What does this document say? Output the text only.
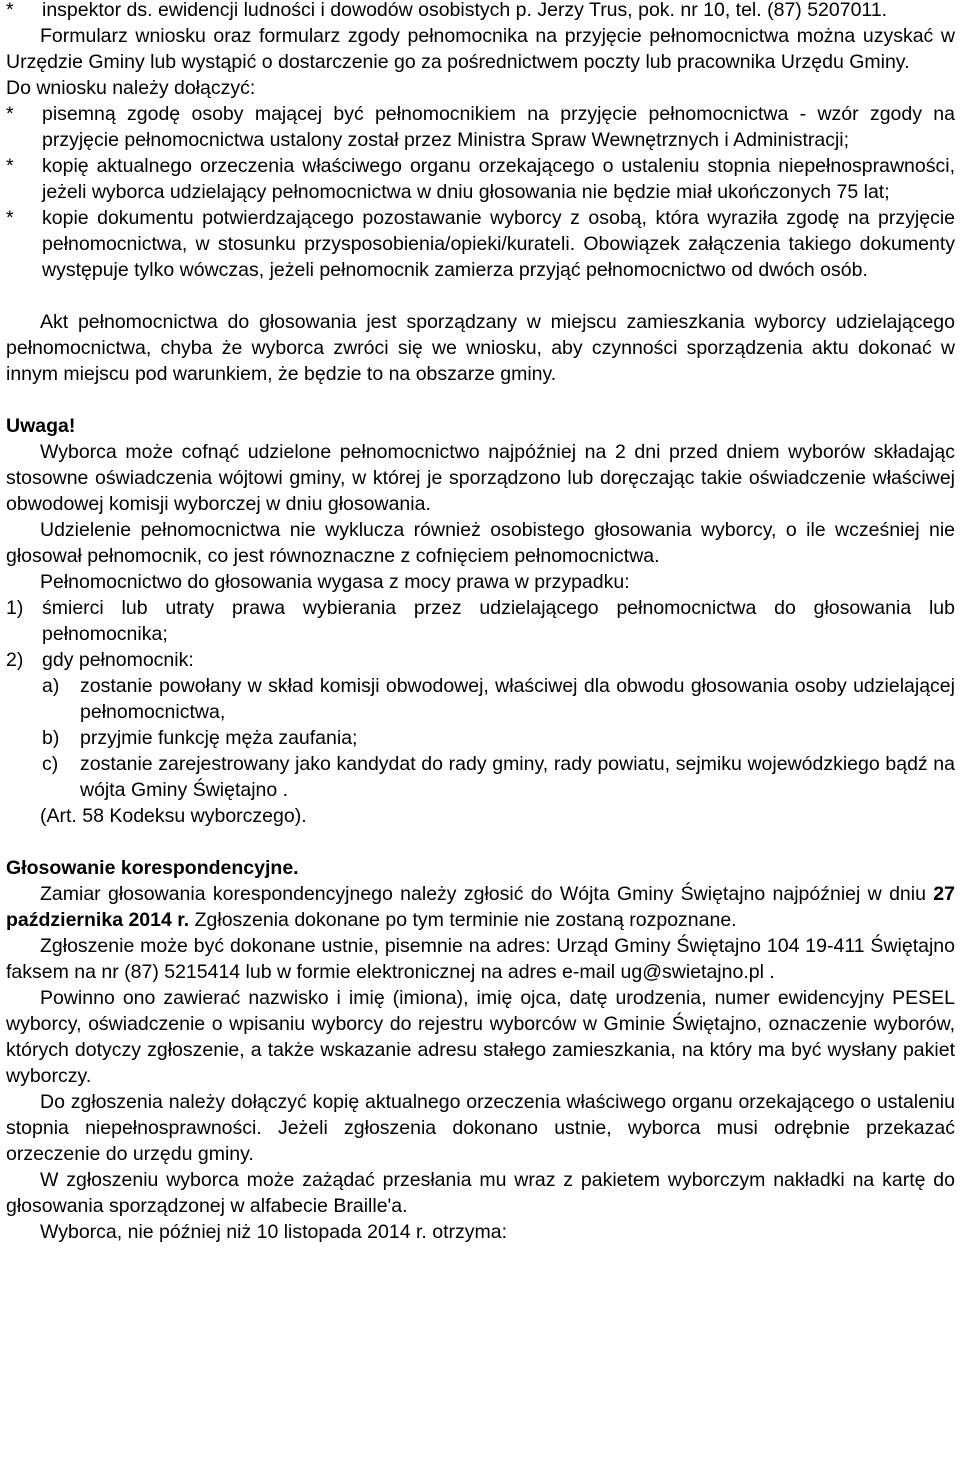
* inspektor ds. ewidencji ludności i dowodów osobistych p. Jerzy Trus, pok. nr 10, tel. (87) 5207011.

Formularz wniosku oraz formularz zgody pełnomocnika na przyjęcie pełnomocnictwa można uzyskać w Urzędzie Gminy lub wystąpić o dostarczenie go za pośrednictwem poczty lub pracownika Urzędu Gminy.

Do wniosku należy dołączyć:

* pisemną zgodę osoby mającej być pełnomocnikiem na przyjęcie pełnomocnictwa - wzór zgody na przyjęcie pełnomocnictwa ustalony został przez Ministra Spraw Wewnętrznych i Administracji;

* kopię aktualnego orzeczenia właściwego organu orzekającego o ustaleniu stopnia niepełnosprawności, jeżeli wyborca udzielający pełnomocnictwa w dniu głosowania nie będzie miał ukończonych 75 lat;

* kopie dokumentu potwierdzającego pozostawanie wyborcy z osobą, która wyraziła zgodę na przyjęcie pełnomocnictwa, w stosunku przysposobienia/opieki/kurateli. Obowiązek załączenia takiego dokumenty występuje tylko wówczas, jeżeli pełnomocnik zamierza przyjąć pełnomocnictwo od dwóch osób.

Akt pełnomocnictwa do głosowania jest sporządzany w miejscu zamieszkania wyborcy udzielającego pełnomocnictwa, chyba że wyborca zwróci się we wniosku, aby czynności sporządzenia aktu dokonać w innym miejscu pod warunkiem, że będzie to na obszarze gminy.

Uwaga!

Wyborca może cofnąć udzielone pełnomocnictwo najpóźniej na 2 dni przed dniem wyborów składając stosowne oświadczenia wójtowi gminy, w której je sporządzono lub doręczając takie oświadczenie właściwej obwodowej komisji wyborczej w dniu głosowania.

Udzielenie pełnomocnictwa nie wyklucza również osobistego głosowania wyborcy, o ile wcześniej nie głosował pełnomocnik, co jest równoznaczne z cofnięciem pełnomocnictwa.

Pełnomocnictwo do głosowania wygasa z mocy prawa w przypadku:

1) śmierci lub utraty prawa wybierania przez udzielającego pełnomocnictwa do głosowania lub pełnomocnika;

2) gdy pełnomocnik:

a) zostanie powołany w skład komisji obwodowej, właściwej dla obwodu głosowania osoby udzielającej pełnomocnictwa,

b) przyjmie funkcję męża zaufania;

c) zostanie zarejestrowany jako kandydat do rady gminy, rady powiatu, sejmiku wojewódzkiego bądź na wójta Gminy Świętajno .

(Art. 58 Kodeksu wyborczego).

Głosowanie korespondencyjne.

Zamiar głosowania korespondencyjnego należy zgłosić do Wójta Gminy Świętajno najpóźniej w dniu 27 października 2014 r. Zgłoszenia dokonane po tym terminie nie zostaną rozpoznane.

Zgłoszenie może być dokonane ustnie, pisemnie na adres: Urząd Gminy Świętajno 104 19-411 Świętajno faksem na nr (87) 5215414 lub w formie elektronicznej na adres e-mail ug@swietajno.pl .

Powinno ono zawierać nazwisko i imię (imiona), imię ojca, datę urodzenia, numer ewidencyjny PESEL wyborcy, oświadczenie o wpisaniu wyborcy do rejestru wyborców w Gminie Świętajno, oznaczenie wyborów, których dotyczy zgłoszenie, a także wskazanie adresu stałego zamieszkania, na który ma być wysłany pakiet wyborczy.

Do zgłoszenia należy dołączyć kopię aktualnego orzeczenia właściwego organu orzekającego o ustaleniu stopnia niepełnosprawności. Jeżeli zgłoszenia dokonano ustnie, wyborca musi odrębnie przekazać orzeczenie do urzędu gminy.

W zgłoszeniu wyborca może zażądać przesłania mu wraz z pakietem wyborczym nakładki na kartę do głosowania sporządzonej w alfabecie Braille'a.

Wyborca, nie później niż 10 listopada 2014 r. otrzyma:
